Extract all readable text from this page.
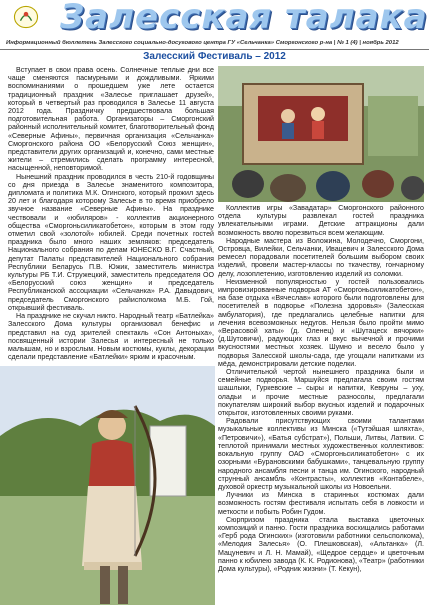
Залесская талака
Информационный бюллетень Залесского социально-досугового центра ГУ «Сельчанка» Сморгонского р-на | № 1 (4) | ноябрь 2012
Залесский Фестиваль – 2012

Вступает в свои права осень. Солнечные теплые дни все чаще сменяются пасмурными и дождливыми. Яркими воспоминаниями о прошедшем уже лете остается традиционный праздник «Залесье приглашает друзей», который в четвертый раз проводился в Залесье 11 августа 2012 года. Праздничку предшествовала большая подготовительная работа. Организаторы – Сморгонский районный исполнительный комитет, благотворительный фонд «Северные Афины», первичная организация «Сельчанка» Сморгонского района ОО «Белорусский Союз женщин», представители других организаций и, конечно, сами местные жители – стремились сделать программу интересной, насыщенной, неповторимой.

Нынешний праздник проводился в честь 210-й годовщины со дня приезда в Залесье знаменитого композитора, дипломата и политика М.К. Огинского, который прожил здесь 20 лет и благодаря которому Залесье в то время приобрело звучное название «Северные Афины». На празднике чествовали и «юбиляров» - коллектив акционерного общества «Сморгоньсиликатобетон», которым в этом году отметил свой «золотой» юбилей. Среди почетных гостей праздника было много наших земляков: председатель Национального собрания по делам ЮНЕСКО В.Г. Счастный, депутат Палаты представителей Национального собрания Республики Беларусь П.В. Южик, заместитель министра культуры РБ Т.И. Стружецкий, заместитель председателя ОО «Белорусский союз женщин» и председатель Республиканской ассоциации «Сельчанка» Р.А. Давыдович, председатель Сморгонского райисполкома М.Б. Гой, открывший фестиваль.

На празднике не скучал никто. Народный театр «Батлейка» Залесского Дома культуры организовал бенефис и представил на суд зрителей спектакль «Сон Антоныха», посвященный истории Залесья и интересный не только малышам, но и взрослым. Новым костюмы, куклы, декорации сделали представление «Батлейки» ярким и красочным.

Коллектив игры «Завадатар» Сморгонского районного отдела культуры развлекал гостей праздника увлекательными играми. Детские аттракционы дали возможность вволю порезвиться всем желающим.

Народные мастера из Воложина, Молодечно, Сморгони, Островца, Вилейки, Сельчанки, Ивацевич и Залесского Дома ремесел порадовали посетителей большим выбором своих изделий, провели мастер-классы по ткачеству, гончарному делу, лозоплетению, изготовлению изделий из соломки.

Неизменной популярностью у гостей пользовались импровизированные подворья АТ «Сморгоньсиликатобетон», на базе отдыха «Вячеслав» которого были подготовлены для посетителей в подворье «Полезна здоровья» (Залесская амбулатория), где предлагались целебные напитки для лечения всевозможных недугов. Нельзя было пройти мимо «Верасовой хаты» (д. Оленец) и «Шутацеск вячорки» (д.Шутовичи), радующих глаз и вкус вычечной и прочими вкусностями местных хозяек. Шумно и весело было у подворья Залесской школы-сада, где угощали напитками из мёда, демонстрировали детские поделки.

Отличительной чертой нынешнего праздника были и семейные подворья. Маршуйся предлагала своим гостям шашлыки, Гуркевские – сыры и напитки, Кевруны – уху, оладьи и прочие местные разносолы, предлагали покупателям широкий выбор вкусных изделий и подарочных открыток, изготовленных своими руками.

Радовали присутствующих своими талантами музыкальные коллективы из Минска («Тутэйшая шляхта», «Петровичи»), «Батья субстрат»), Польши, Литвы, Латвии. С теплотой принимали местных художественных коллективов: вокальную группу ОАО «Сморгоньсиликатобетон» с их озорными «Бурановскими бабушками», танцевальную группу народного ансамбля песни и танца им. Огинского, народный струнный ансамбль «Контрасты», коллектив «Контабеле», духовой оркестр музыкальной школы из Новоельни.

Лучники из Минска в старинных костюмах дали возможность гостям фестиваля испытать себя в ловкости и меткости и побыть Робин Гудом.

Сюрпризом праздника стала выставка цветочных композиций и панно. Гости праздника восхищались работами «Герб рода Огинских» (изготовили работники сельсполкома), «Мелодия Залесья» (О. Плешковская), «Альтанка» (Л. Мацуневич и Л. Н. Мамай), «Щедрое сердце» и цветочным панно к юбилею завода (К. К. Родионова), «Театр» (работники Дома культуры), «Родник жизни» (Т. Кекун),
